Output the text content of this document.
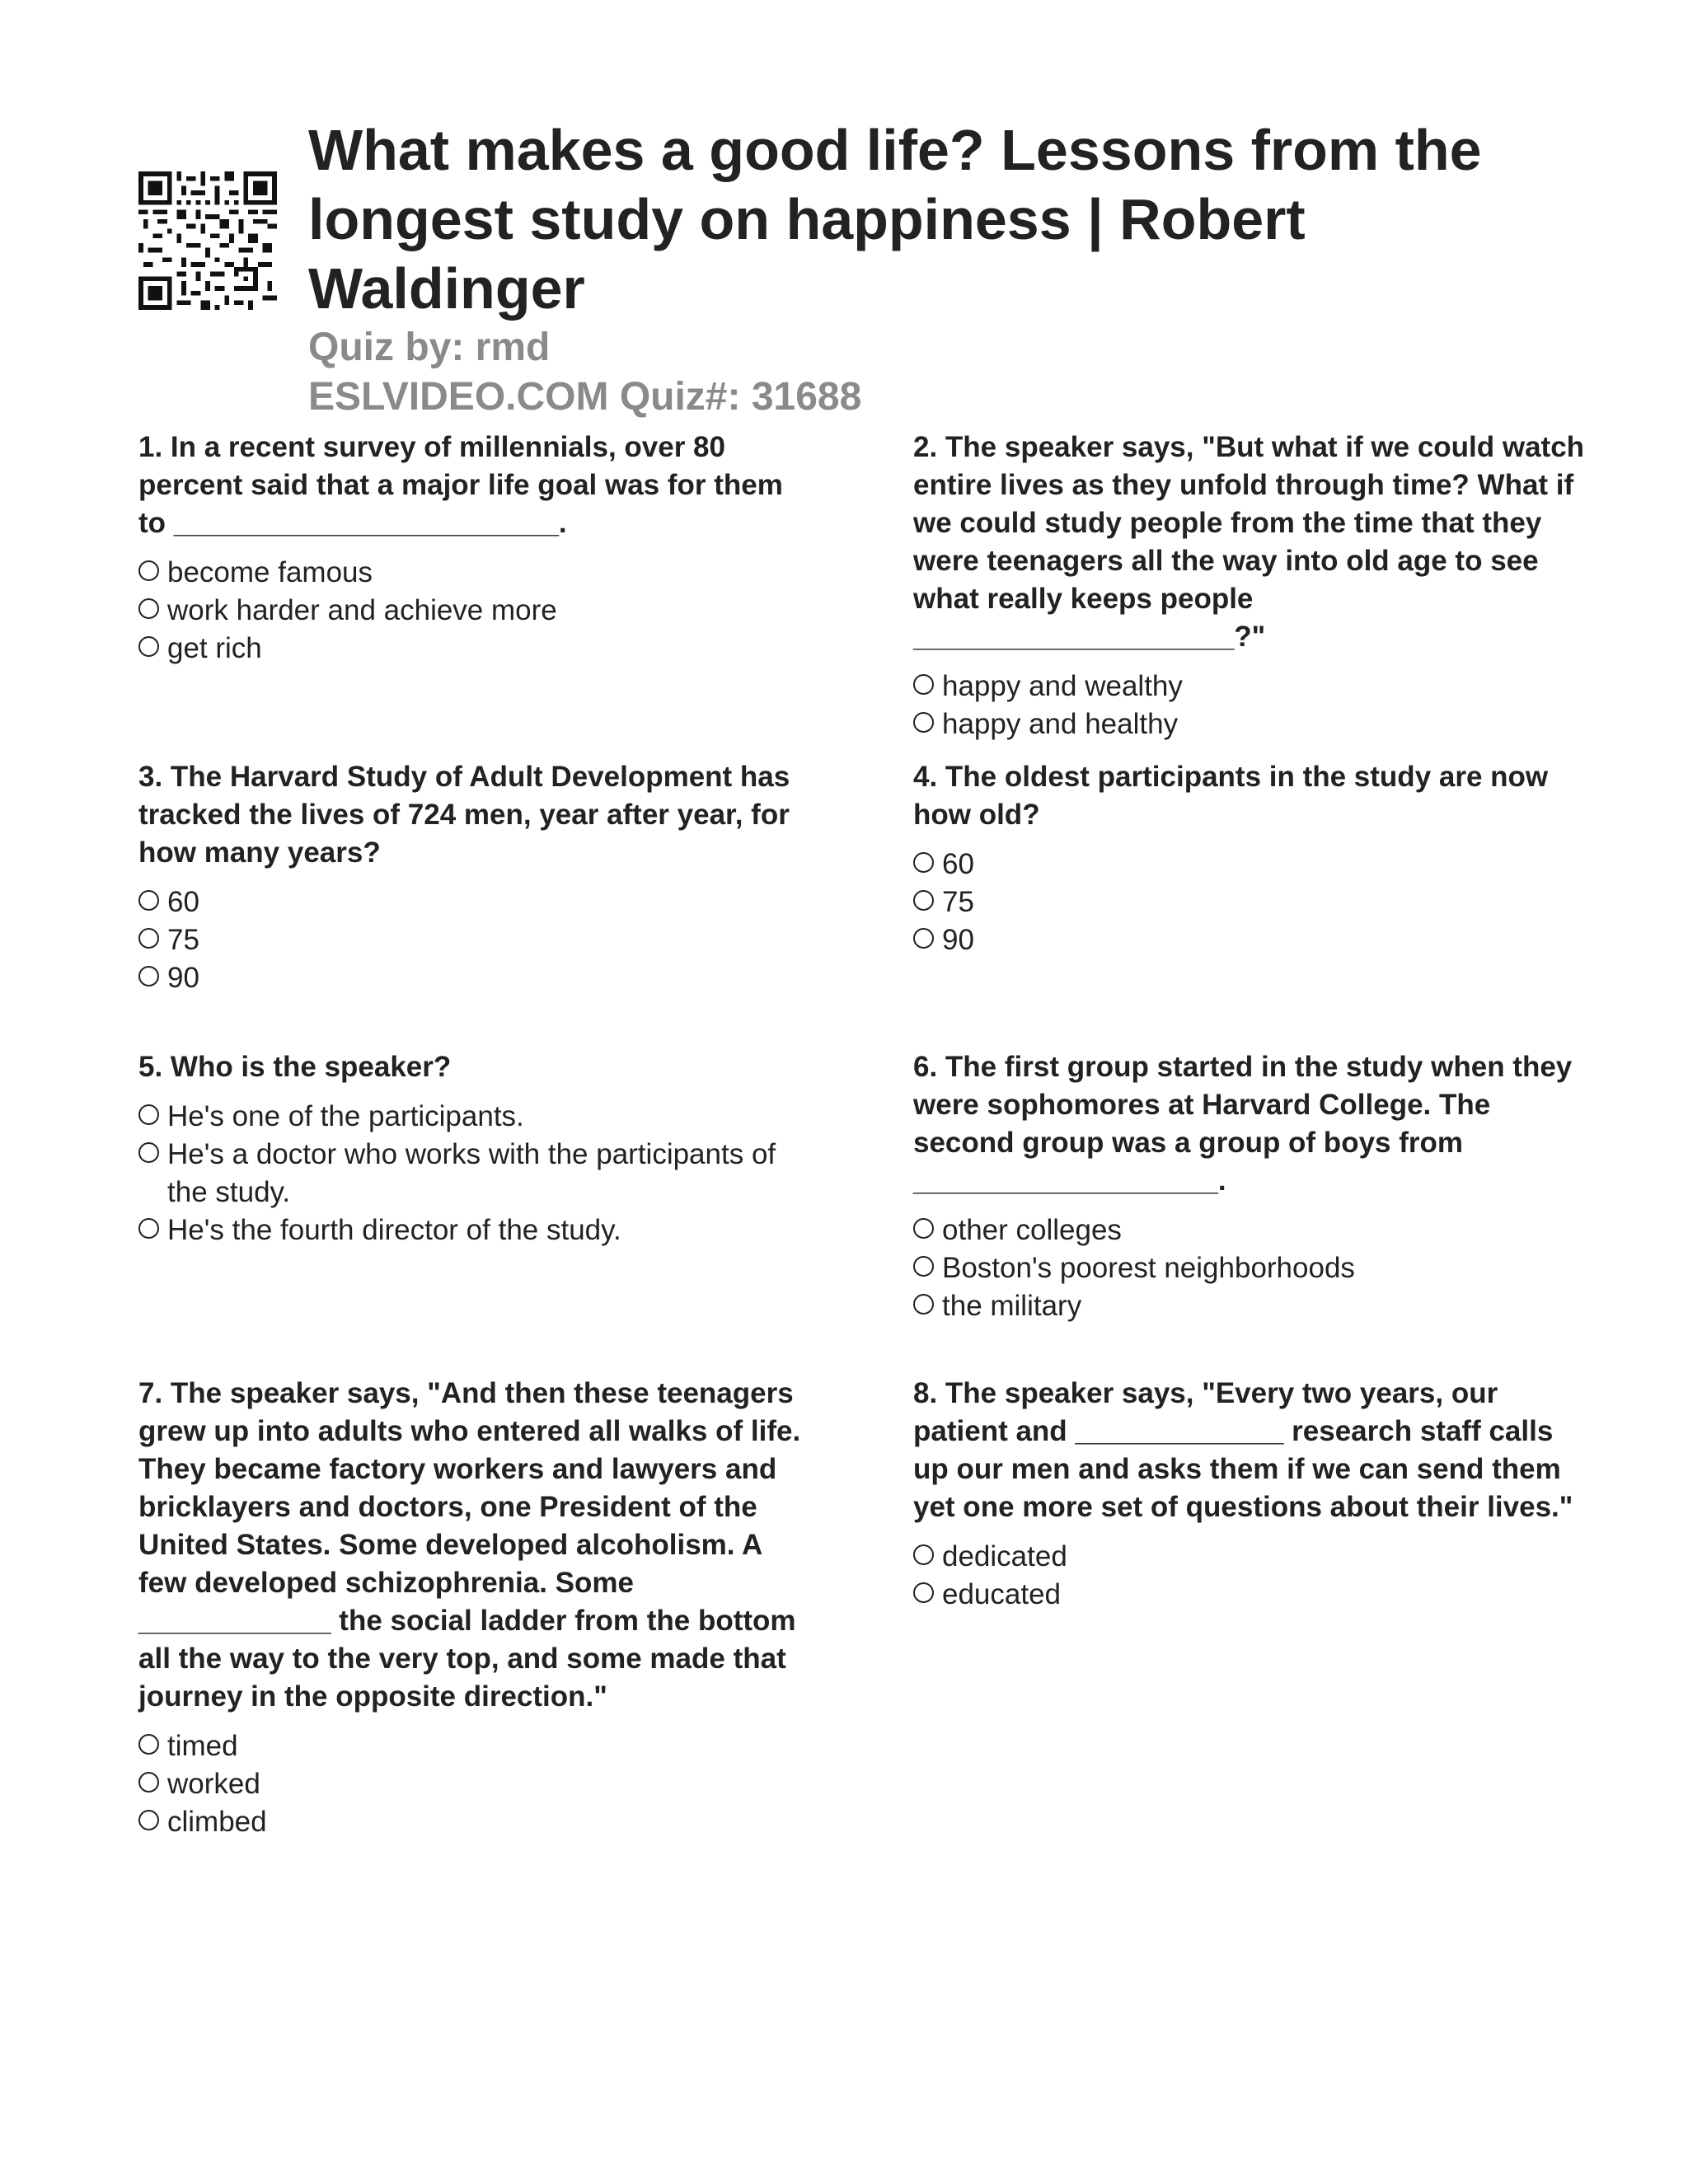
What makes a good life? Lessons from the longest study on happiness | Robert Waldinger

Quiz by: rmd

ESLVIDEO.COM Quiz#: 31688

1. In a recent survey of millennials, over 80 percent said that a major life goal was for them to ________________________.

become famous
work harder and achieve more
get rich

2. The speaker says, "But what if we could watch entire lives as they unfold through time? What if we could study people from the time that they were teenagers all the way into old age to see what really keeps people ____________________?"

happy and wealthy
happy and healthy

3. The Harvard Study of Adult Development has tracked the lives of 724 men, year after year, for how many years?

60
75
90

4. The oldest participants in the study are now how old?

60
75
90

5. Who is the speaker?

He's one of the participants.
He's a doctor who works with the participants of the study.
He's the fourth director of the study.

6. The first group started in the study when they were sophomores at Harvard College. The second group was a group of boys from ___________________.

other colleges
Boston's poorest neighborhoods
the military

7. The speaker says, "And then these teenagers grew up into adults who entered all walks of life. They became factory workers and lawyers and bricklayers and doctors, one President of the United States. Some developed alcoholism. A few developed schizophrenia. Some ____________ the social ladder from the bottom all the way to the very top, and some made that journey in the opposite direction."

timed
worked
climbed

8. The speaker says, "Every two years, our patient and _____________ research staff calls up our men and asks them if we can send them yet one more set of questions about their lives."

dedicated
educated
